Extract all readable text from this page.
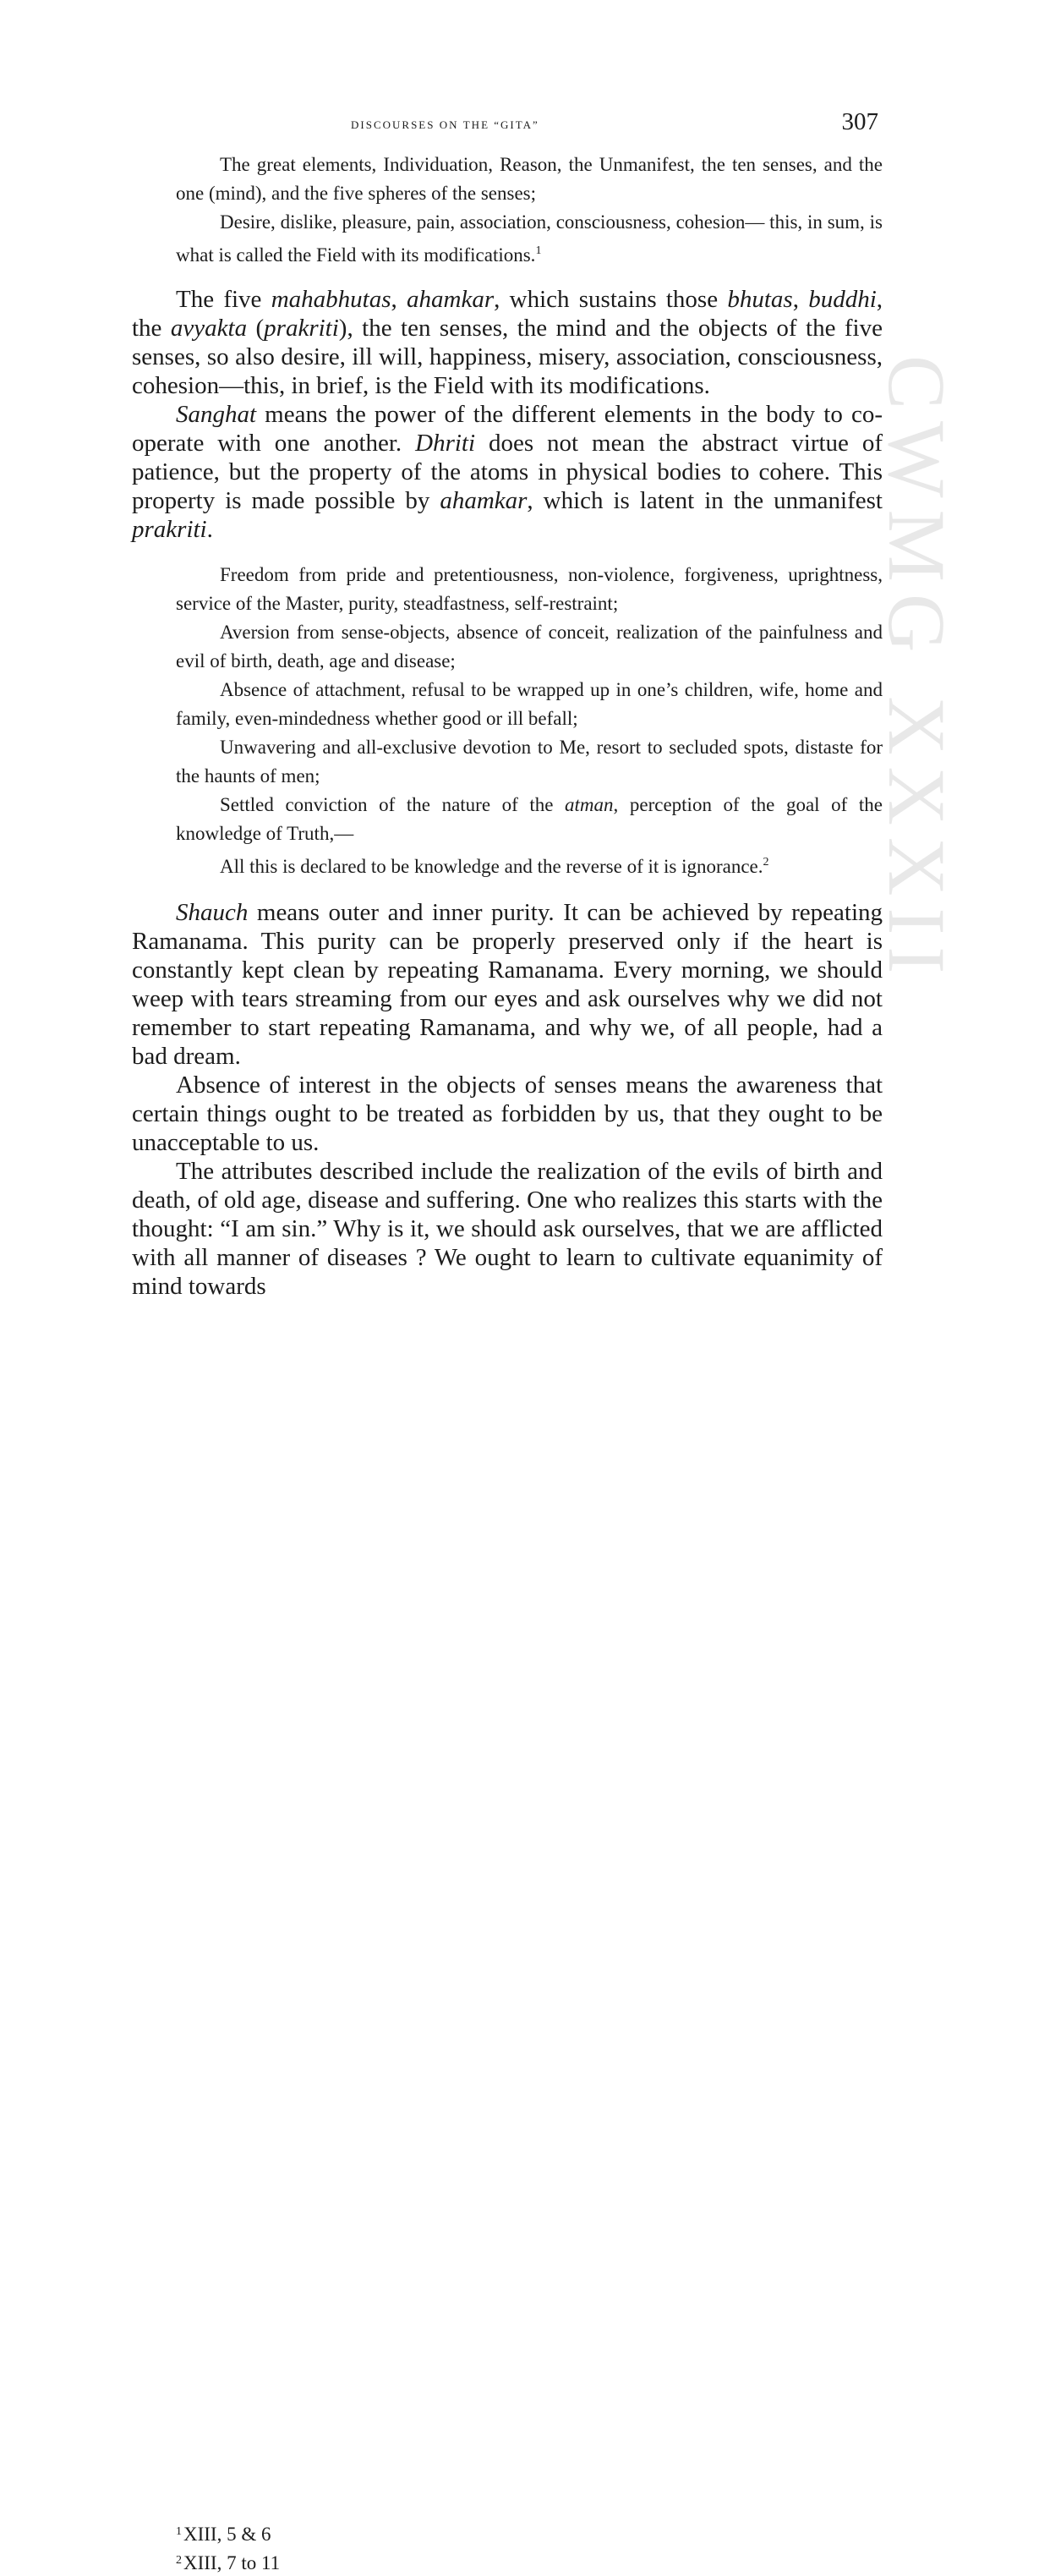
CWMG XXXII
discourses on the “gita”	307

The great elements, Individuation, Reason, the Unmanifest, the ten senses, and the one (mind), and the five spheres of the senses;

Desire, dislike, pleasure, pain, association, consciousness, cohesion— this, in sum, is what is called the Field with its modifications.$^1$

The five mahabhutas, ahamkar, which sustains those bhutas, buddhi, the avyakta (prakriti), the ten senses, the mind and the objects of the five senses, so also desire, ill will, happiness, misery, association, consciousness, cohesion—this, in brief, is the Field with its modifications.

Sanghat means the power of the different elements in the body to co-operate with one another. Dhriti does not mean the abstract virtue of patience, but the property of the atoms in physical bodies to cohere. This property is made possible by ahamkar, which is latent in the unmanifest prakriti.

Freedom from pride and pretentiousness, non-violence, forgiveness, uprightness, service of the Master, purity, steadfastness, self-restraint;

Aversion from sense-objects, absence of conceit, realization of the painfulness and evil of birth, death, age and disease;

Absence of attachment, refusal to be wrapped up in one’s children, wife, home and family, even-mindedness whether good or ill befall;

Unwavering and all-exclusive devotion to Me, resort to secluded spots, distaste for the haunts of men;

Settled conviction of the nature of the atman, perception of the goal of the knowledge of Truth,—

All this is declared to be knowledge and the reverse of it is ignorance.$^2$

Shauch means outer and inner purity. It can be achieved by repeating Ramanama. This purity can be properly preserved only if the heart is constantly kept clean by repeating Ramanama. Every morning, we should weep with tears streaming from our eyes and ask ourselves why we did not remember to start repeating Ramanama, and why we, of all people, had a bad dream.

Absence of interest in the objects of senses means the awareness that certain things ought to be treated as forbidden by us, that they ought to be unacceptable to us.

The attributes described include the realization of the evils of birth and death, of old age, disease and suffering. One who realizes this starts with the thought: “I am sin.” Why is it, we should ask ourselves, that we are afflicted with all manner of diseases ? We ought to learn to cultivate equanimity of mind towards

$^1$XIII, 5 & 6
$^2$XIII, 7 to 11
